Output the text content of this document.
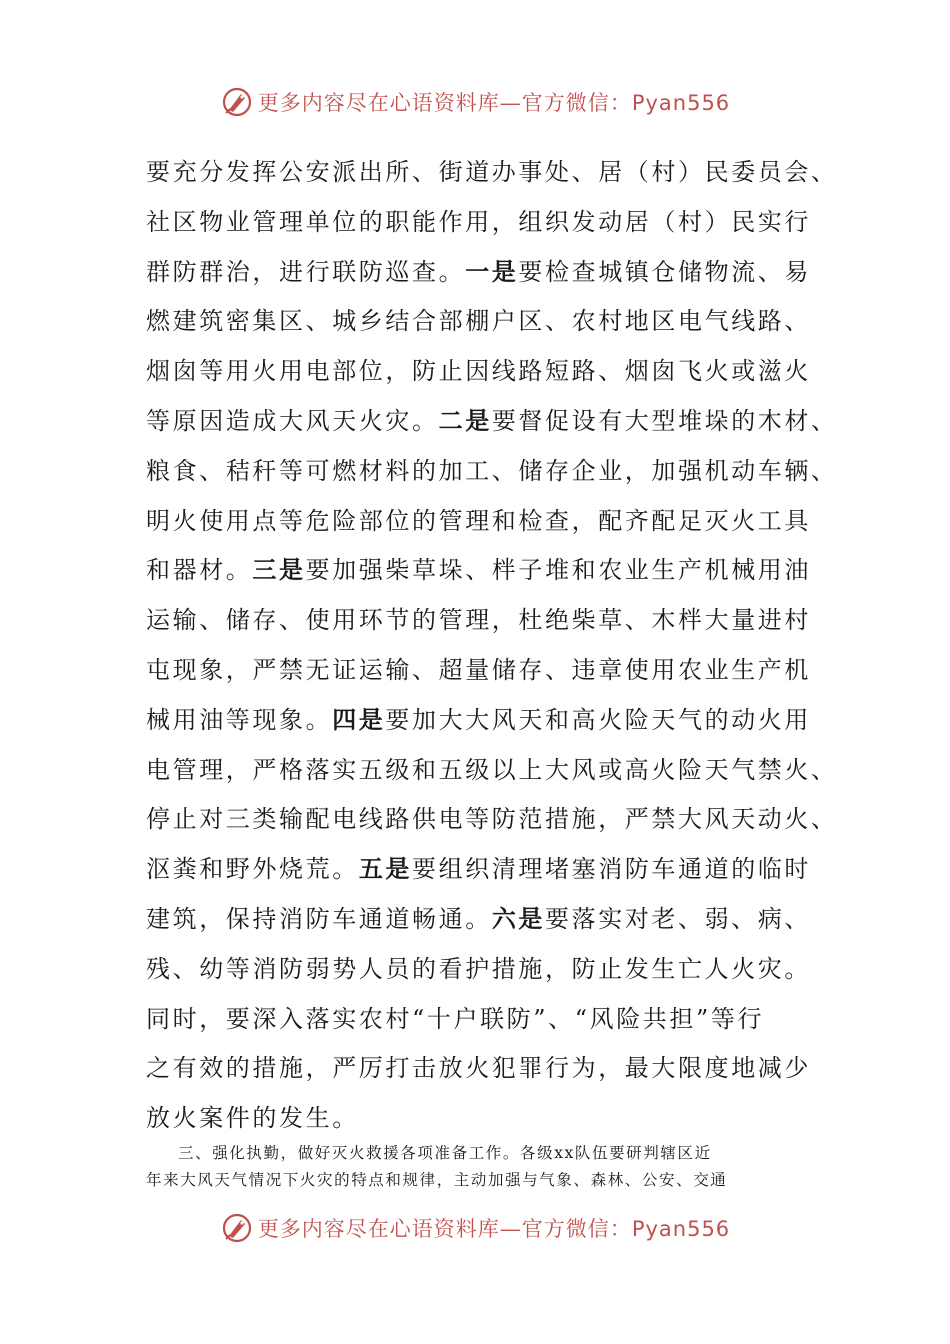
更多内容尽在心语资料库—官方微信：Pyan556
要充分发挥公安派出所、街道办事处、居（村）民委员会、
社区物业管理单位的职能作用，组织发动居（村）民实行
群防群治，进行联防巡查。一是要检查城镇仓储物流、易
燃建筑密集区、城乡结合部棚户区、农村地区电气线路、
烟囱等用火用电部位，防止因线路短路、烟囱飞火或滋火
等原因造成大风天火灾。二是要督促设有大型堆垛的木材、
粮食、秸秆等可燃材料的加工、储存企业，加强机动车辆、
明火使用点等危险部位的管理和检查，配齐配足灭火工具
和器材。三是要加强柴草垛、柈子堆和农业生产机械用油
运输、储存、使用环节的管理，杜绝柴草、木柈大量进村
屯现象，严禁无证运输、超量储存、违章使用农业生产机
械用油等现象。四是要加大大风天和高火险天气的动火用
电管理，严格落实五级和五级以上大风或高火险天气禁火、
停止对三类输配电线路供电等防范措施，严禁大风天动火、
沤粪和野外烧荒。五是要组织清理堵塞消防车通道的临时
建筑，保持消防车通道畅通。六是要落实对老、弱、病、
残、幼等消防弱势人员的看护措施，防止发生亡人火灾。
同时，要深入落实农村“十户联防”、“风险共担”等行
之有效的措施，严厉打击放火犯罪行为，最大限度地减少
放火案件的发生。
三、强化执勤，做好灭火救援各项准备工作。各级xx队伍要研判辖区近
年来大风天气情况下火灾的特点和规律，主动加强与气象、森林、公安、交通
更多内容尽在心语资料库—官方微信：Pyan556
